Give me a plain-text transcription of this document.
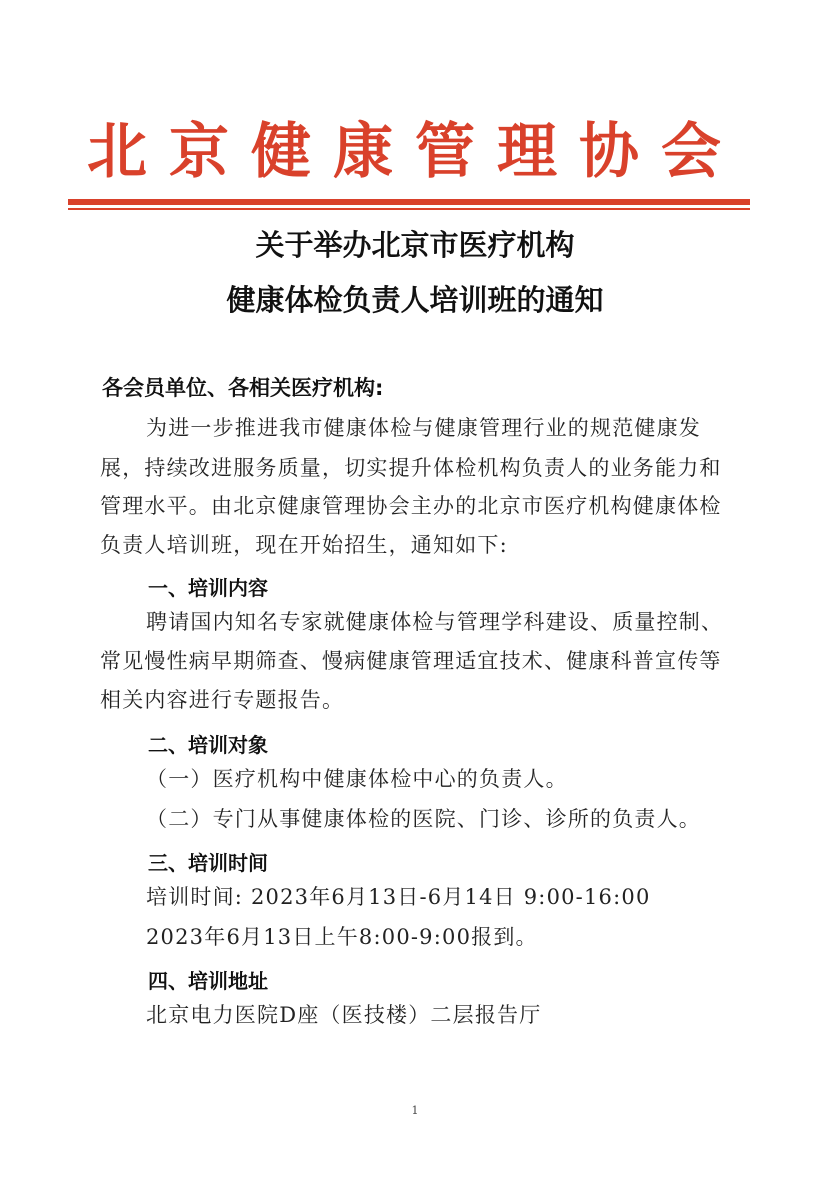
北京健康管理协会
关于举办北京市医疗机构
健康体检负责人培训班的通知
各会员单位、各相关医疗机构:
为进一步推进我市健康体检与健康管理行业的规范健康发
展，持续改进服务质量，切实提升体检机构负责人的业务能力和
管理水平。由北京健康管理协会主办的北京市医疗机构健康体检
负责人培训班，现在开始招生，通知如下:
一、培训内容
聘请国内知名专家就健康体检与管理学科建设、质量控制、
常见慢性病早期筛查、慢病健康管理适宜技术、健康科普宣传等
相关内容进行专题报告。
二、培训对象
（一）医疗机构中健康体检中心的负责人。
（二）专门从事健康体检的医院、门诊、诊所的负责人。
三、培训时间
培训时间: 2023年6月13日-6月14日 9:00-16:00
2023年6月13日上午8:00-9:00报到。
四、培训地址
北京电力医院D座（医技楼）二层报告厅
1
